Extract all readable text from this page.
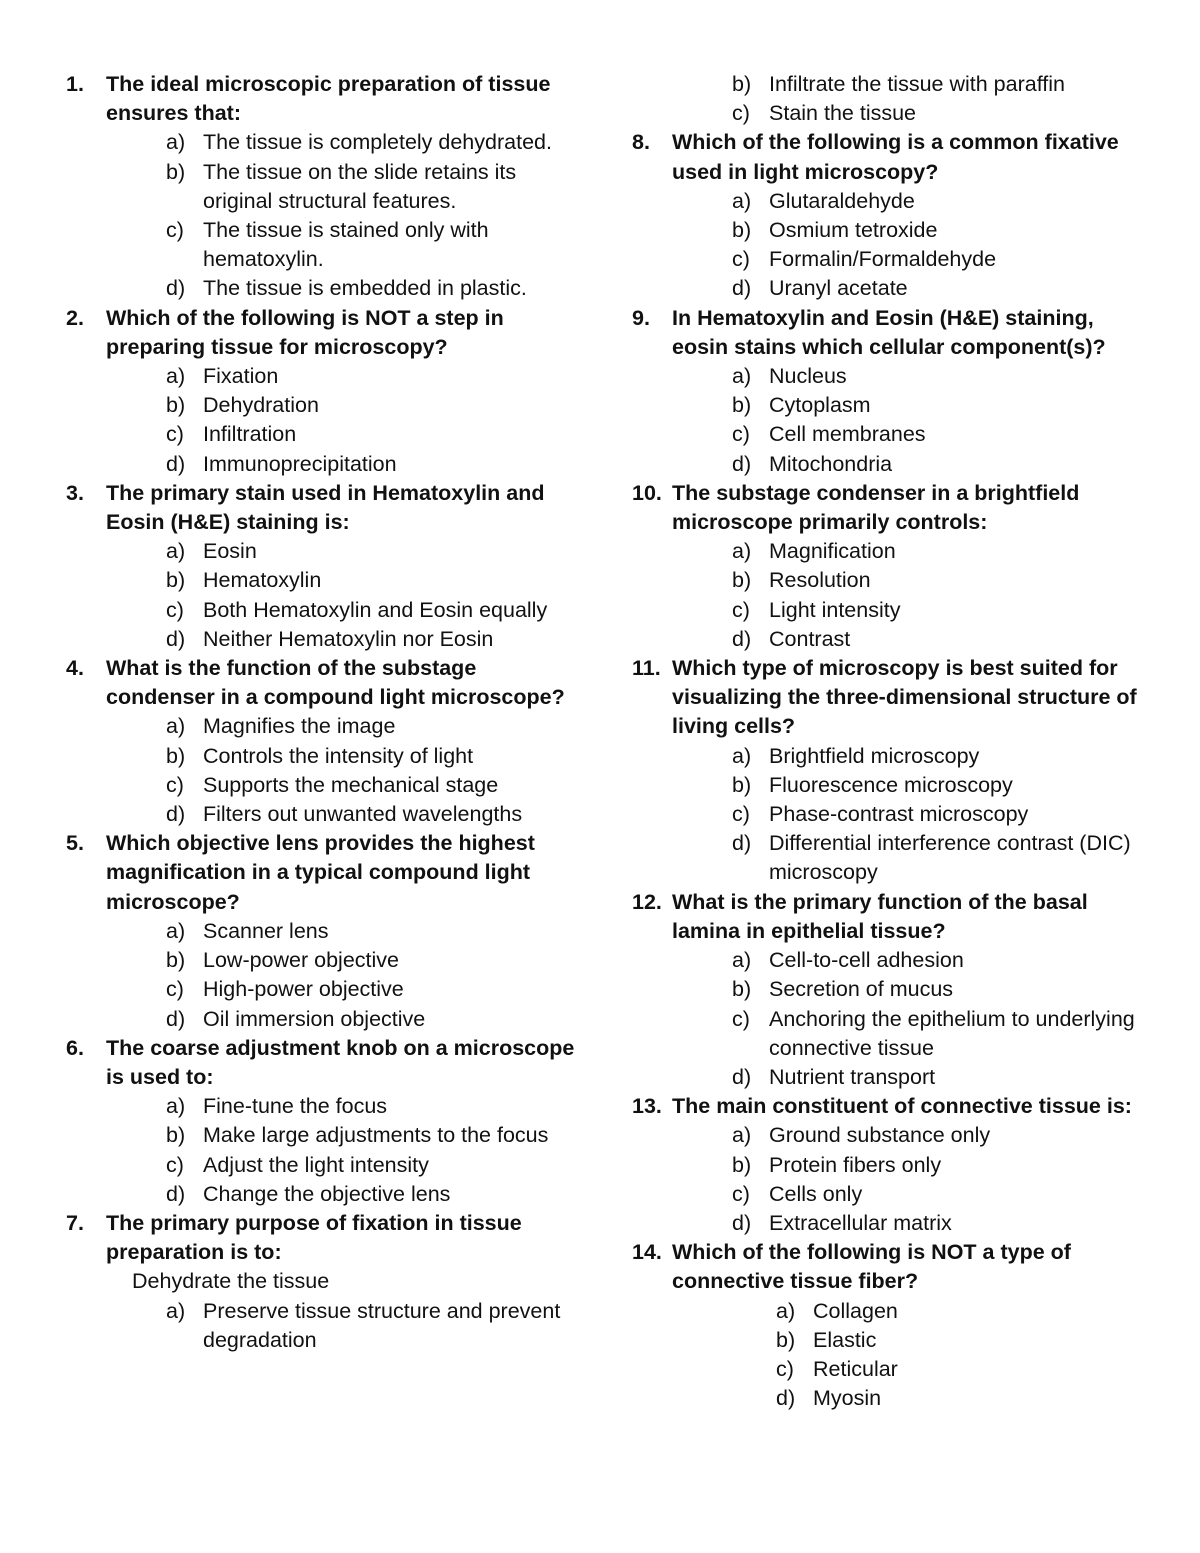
1.	The ideal microscopic preparation of tissue ensures that:
a) The tissue is completely dehydrated.
b) The tissue on the slide retains its original structural features.
c) The tissue is stained only with hematoxylin.
d) The tissue is embedded in plastic.
2.	Which of the following is NOT a step in preparing tissue for microscopy?
a) Fixation
b) Dehydration
c) Infiltration
d) Immunoprecipitation
3.	The primary stain used in Hematoxylin and Eosin (H&E) staining is:
a) Eosin
b) Hematoxylin
c) Both Hematoxylin and Eosin equally
d) Neither Hematoxylin nor Eosin
4.	What is the function of the substage condenser in a compound light microscope?
a) Magnifies the image
b) Controls the intensity of light
c) Supports the mechanical stage
d) Filters out unwanted wavelengths
5.	Which objective lens provides the highest magnification in a typical compound light microscope?
a) Scanner lens
b) Low-power objective
c) High-power objective
d) Oil immersion objective
6.	The coarse adjustment knob on a microscope is used to:
a) Fine-tune the focus
b) Make large adjustments to the focus
c) Adjust the light intensity
d) Change the objective lens
7.	The primary purpose of fixation in tissue preparation is to:
Dehydrate the tissue
a) Preserve tissue structure and prevent degradation
b) Infiltrate the tissue with paraffin
c) Stain the tissue
8.	Which of the following is a common fixative used in light microscopy?
a) Glutaraldehyde
b) Osmium tetroxide
c) Formalin/Formaldehyde
d) Uranyl acetate
9.	In Hematoxylin and Eosin (H&E) staining, eosin stains which cellular component(s)?
a) Nucleus
b) Cytoplasm
c) Cell membranes
d) Mitochondria
10. The substage condenser in a brightfield microscope primarily controls:
a) Magnification
b) Resolution
c) Light intensity
d) Contrast
11. Which type of microscopy is best suited for visualizing the three-dimensional structure of living cells?
a) Brightfield microscopy
b) Fluorescence microscopy
c) Phase-contrast microscopy
d) Differential interference contrast (DIC) microscopy
12. What is the primary function of the basal lamina in epithelial tissue?
a) Cell-to-cell adhesion
b) Secretion of mucus
c) Anchoring the epithelium to underlying connective tissue
d) Nutrient transport
13. The main constituent of connective tissue is:
a) Ground substance only
b) Protein fibers only
c) Cells only
d) Extracellular matrix
14. Which of the following is NOT a type of connective tissue fiber?
a) Collagen
b) Elastic
c) Reticular
d) Myosin
